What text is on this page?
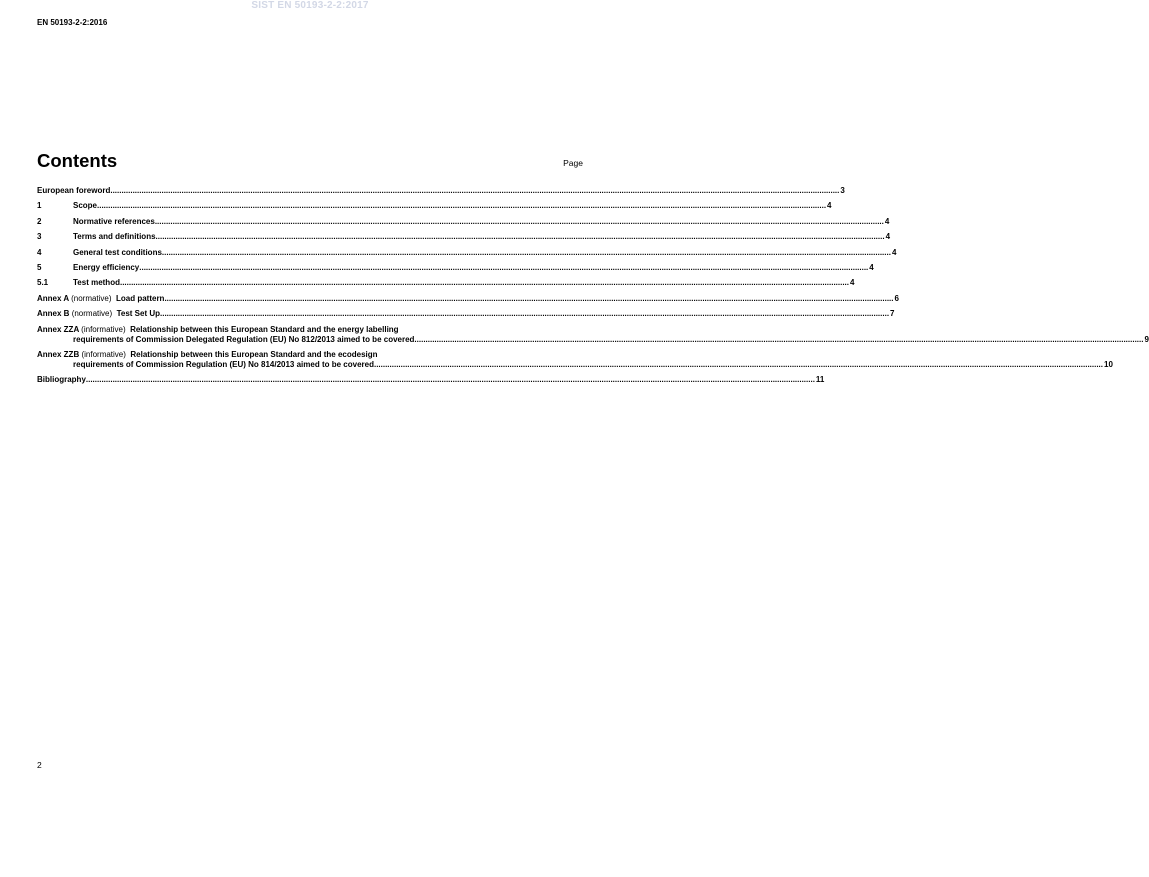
SIST EN 50193-2-2:2017
EN 50193-2-2:2016
Contents	Page
European foreword .....	3
1	Scope .....	4
2	Normative references .....	4
3	Terms and definitions .....	4
4	General test conditions .....	4
5	Energy efficiency .....	4
5.1	Test method .....	4
Annex A (normative) Load pattern .....	6
Annex B (normative) Test Set Up .....	7
Annex ZZA (informative) Relationship between this European Standard and the energy labelling
requirements of Commission Delegated Regulation (EU) No 812/2013 aimed to be covered .....	9
Annex ZZB (informative) Relationship between this European Standard and the ecodesign
requirements of Commission Regulation (EU) No 814/2013 aimed to be covered .....	10
Bibliography .....	11
2
